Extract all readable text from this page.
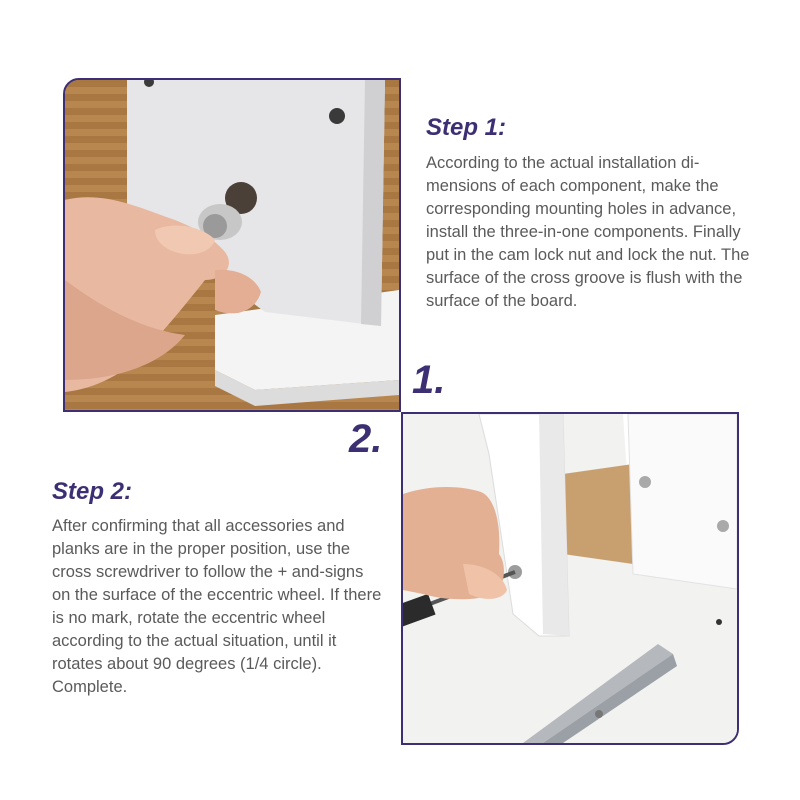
1.
2.
Step 1:

According to the actual installation di-mensions of each component, make the corresponding mounting holes in advance, install the three-in-one components. Finally put in the cam lock nut and lock the nut. The surface of the cross groove is flush with the surface of the board.

Step 2:

After confirming that all accessories and planks are in the proper position, use the cross screwdriver to follow the + and-signs on the surface of the eccentric wheel. If there is no mark, rotate the eccentric wheel according to the actual situation, until it rotates about 90 degrees (1/4 circle). Complete.
